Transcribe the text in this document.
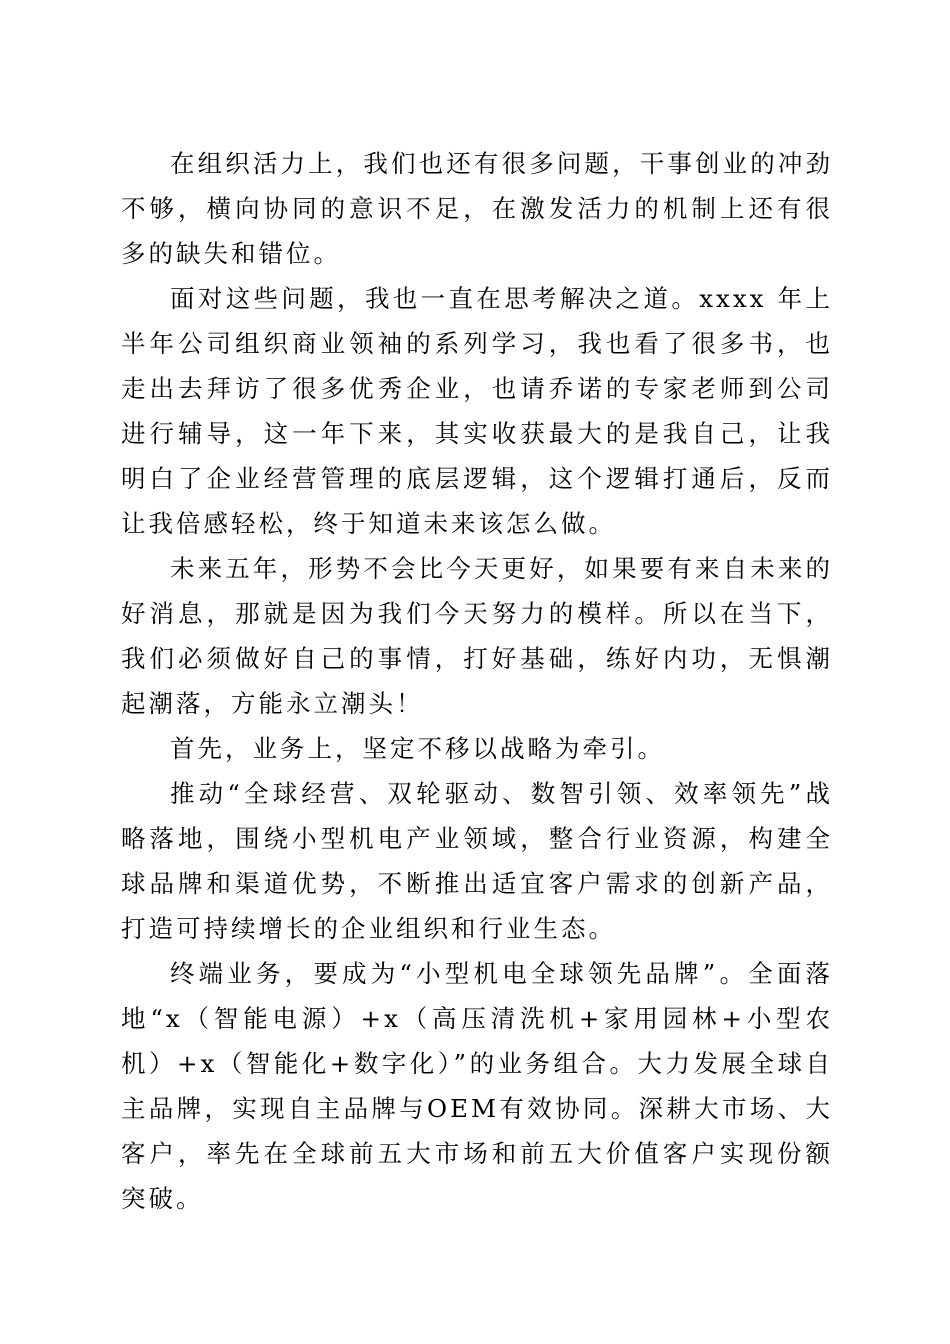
在组织活力上，我们也还有很多问题，干事创业的冲劲不够，横向协同的意识不足，在激发活力的机制上还有很多的缺失和错位。

面对这些问题，我也一直在思考解决之道。xxxx 年上半年公司组织商业领袖的系列学习，我也看了很多书，也走出去拜访了很多优秀企业，也请乔诺的专家老师到公司进行辅导，这一年下来，其实收获最大的是我自己，让我明白了企业经营管理的底层逻辑，这个逻辑打通后，反而让我倍感轻松，终于知道未来该怎么做。

未来五年，形势不会比今天更好，如果要有来自未来的好消息，那就是因为我们今天努力的模样。所以在当下，我们必须做好自己的事情，打好基础，练好内功，无惧潮起潮落，方能永立潮头！

首先，业务上，坚定不移以战略为牵引。

推动“全球经营、双轮驱动、数智引领、效率领先”战略落地，围绕小型机电产业领域，整合行业资源，构建全球品牌和渠道优势，不断推出适宜客户需求的创新产品，打造可持续增长的企业组织和行业生态。

终端业务，要成为“小型机电全球领先品牌”。全面落地“x（智能电源）+x（高压清洗机+家用园林+小型农机）+x（智能化+数字化）”的业务组合。大力发展全球自主品牌，实现自主品牌与OEM有效协同。深耕大市场、大客户，率先在全球前五大市场和前五大价值客户实现份额突破。
